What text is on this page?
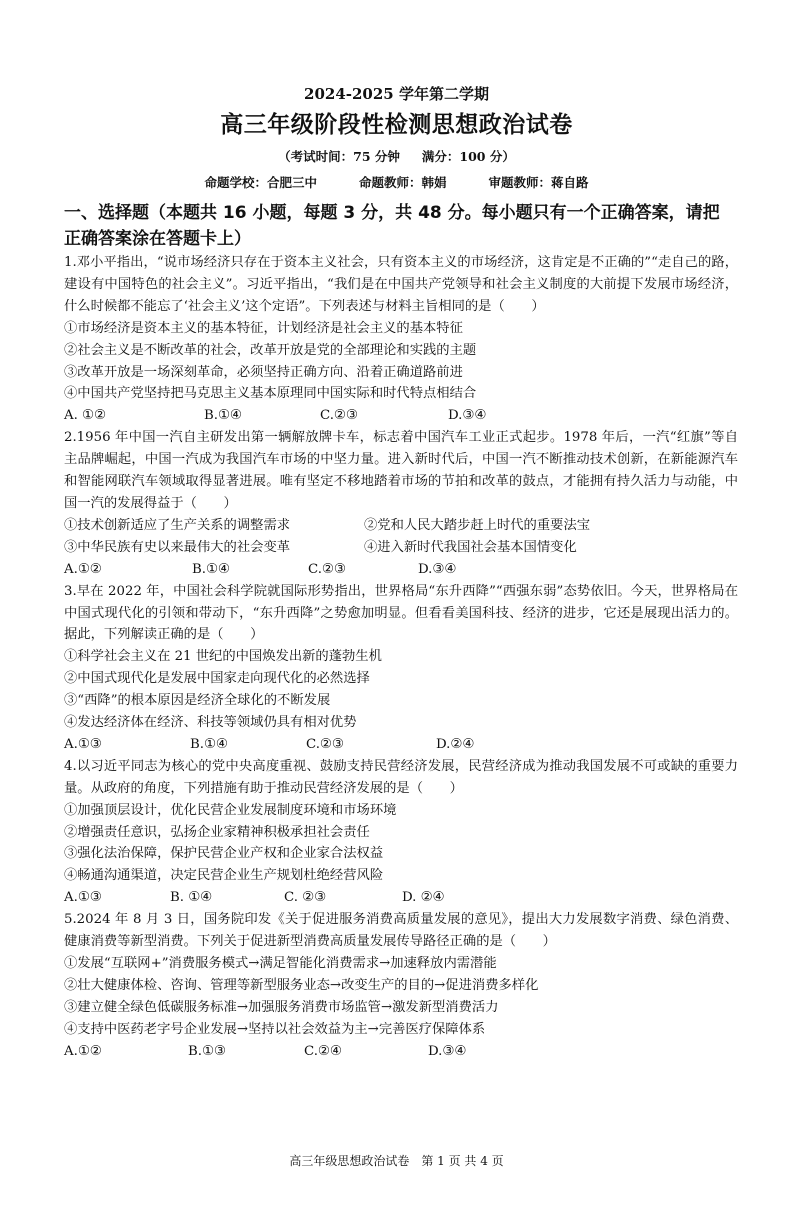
2024-2025 学年第二学期
高三年级阶段性检测思想政治试卷
（考试时间：75 分钟 满分：100 分）
命题学校：合肥三中	命题教师：韩娟	审题教师：蒋自路
一、选择题（本题共 16 小题，每题 3 分，共 48 分。每小题只有一个正确答案，请把正确答案涂在答题卡上）

1.邓小平指出，“说市场经济只存在于资本主义社会，只有资本主义的市场经济，这肯定是不正确的”“走自己的路，建设有中国特色的社会主义”。习近平指出，“我们是在中国共产党领导和社会主义制度的大前提下发展市场经济，什么时候都不能忘了‘社会主义’这个定语”。下列表述与材料主旨相同的是（　　）

①市场经济是资本主义的基本特征，计划经济是社会主义的基本特征

②社会主义是不断改革的社会，改革开放是党的全部理论和实践的主题

③改革开放是一场深刻革命，必须坚持正确方向、沿着正确道路前进

④中国共产党坚持把马克思主义基本原理同中国实际和时代特点相结合

A. ①②	B.①④	C.②③	D.③④

2.1956 年中国一汽自主研发出第一辆解放牌卡车，标志着中国汽车工业正式起步。1978 年后，一汽“红旗”等自主品牌崛起，中国一汽成为我国汽车市场的中坚力量。进入新时代后，中国一汽不断推动技术创新，在新能源汽车和智能网联汽车领域取得显著进展。唯有坚定不移地踏着市场的节拍和改革的鼓点，才能拥有持久活力与动能，中国一汽的发展得益于（　　）

①技术创新适应了生产关系的调整需求	②党和人民大踏步赶上时代的重要法宝
③中华民族有史以来最伟大的社会变革	④进入新时代我国社会基本国情变化
A.①②	B.①④	C.②③	D.③④

3.早在 2022 年，中国社会科学院就国际形势指出，世界格局“东升西降”“西强东弱”态势依旧。今天，世界格局在中国式现代化的引领和带动下，“东升西降”之势愈加明显。但看看美国科技、经济的进步，它还是展现出活力的。据此，下列解读正确的是（　　）

①科学社会主义在 21 世纪的中国焕发出新的蓬勃生机

②中国式现代化是发展中国家走向现代化的必然选择

③“西降”的根本原因是经济全球化的不断发展

④发达经济体在经济、科技等领域仍具有相对优势

A.①③	B.①④	C.②③	D.②④

4.以习近平同志为核心的党中央高度重视、鼓励支持民营经济发展，民营经济成为推动我国发展不可或缺的重要力量。从政府的角度，下列措施有助于推动民营经济发展的是（　　）

①加强顶层设计，优化民营企业发展制度环境和市场环境

②增强责任意识，弘扬企业家精神积极承担社会责任

③强化法治保障，保护民营企业产权和企业家合法权益

④畅通沟通渠道，决定民营企业生产规划杜绝经营风险

A.①③	B. ①④	C. ②③	D. ②④

5.2024 年 8 月 3 日，国务院印发《关于促进服务消费高质量发展的意见》，提出大力发展数字消费、绿色消费、健康消费等新型消费。下列关于促进新型消费高质量发展传导路径正确的是（　　）

①发展“互联网+”消费服务模式→满足智能化消费需求→加速释放内需潜能

②壮大健康体检、咨询、管理等新型服务业态→改变生产的目的→促进消费多样化

③建立健全绿色低碳服务标准→加强服务消费市场监管→激发新型消费活力

④支持中医药老字号企业发展→坚持以社会效益为主→完善医疗保障体系

A.①②	B.①③	C.②④	D.③④
高三年级思想政治试卷　第 1 页 共 4 页
